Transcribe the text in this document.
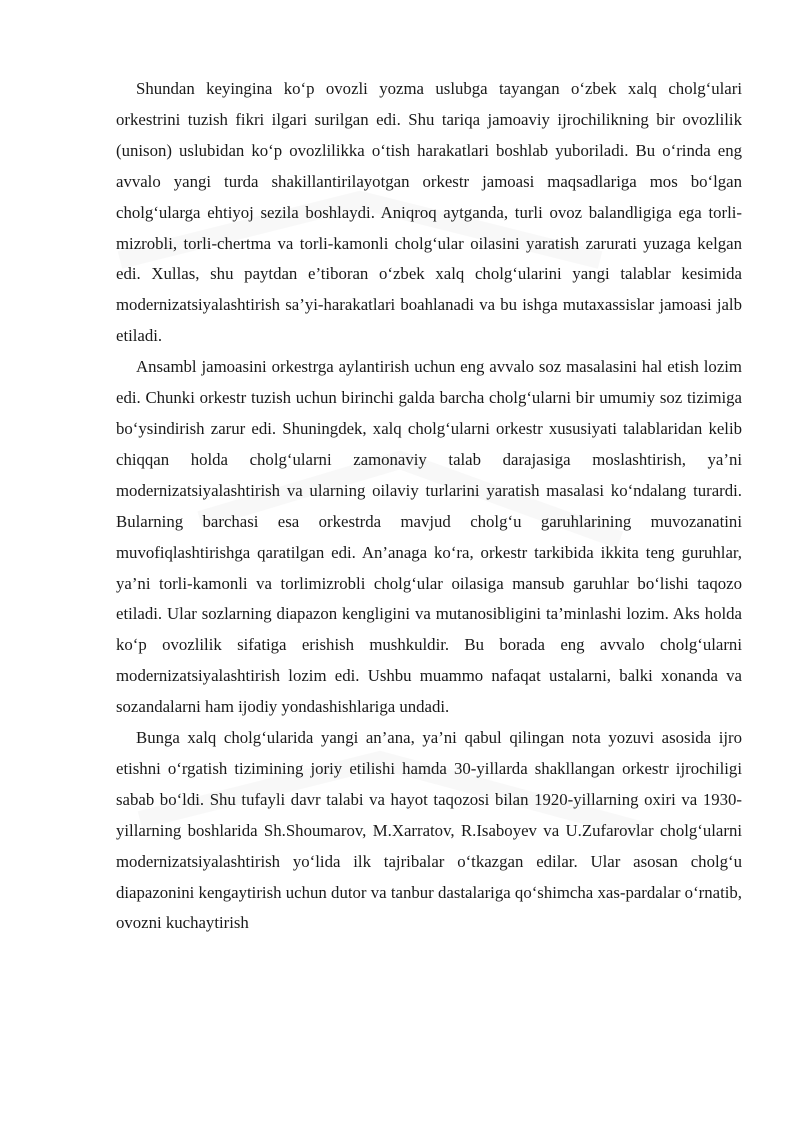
Shundan keyingina ko‘p ovozli yozma uslubga tayangan o‘zbek xalq cholg‘ulari orkestrini tuzish fikri ilgari surilgan edi. Shu tariqa jamoaviy ijrochilikning bir ovozlilik (unison) uslubidan ko‘p ovozlilikka o‘tish harakatlari boshlab yuboriladi. Bu o‘rinda eng avvalo yangi turda shakillantirilayotgan orkestr jamoasi maqsadlariga mos bo‘lgan cholg‘ularga ehtiyoj sezila boshlaydi. Aniqroq aytganda, turli ovoz balandligiga ega torli-mizrobli, torli-chertma va torli-kamonli cholg‘ular oilasini yaratish zarurati yuzaga kelgan edi. Xullas, shu paytdan e’tiboran o‘zbek xalq cholg‘ularini yangi talablar kesimida modernizatsiyalashtirish sa’yi-harakatlari boahlanadi va bu ishga mutaxassislar jamoasi jalb etiladi.

Ansambl jamoasini orkestrga aylantirish uchun eng avvalo soz masalasini hal etish lozim edi. Chunki orkestr tuzish uchun birinchi galda barcha cholg‘ularni bir umumiy soz tizimiga bo‘ysindirish zarur edi. Shuningdek, xalq cholg‘ularni orkestr xususiyati talablaridan kelib chiqqan holda cholg‘ularni zamonaviy talab darajasiga moslashtirish, ya’ni modernizatsiyalashtirish va ularning oilaviy turlarini yaratish masalasi ko‘ndalang turardi. Bularning barchasi esa orkestrda mavjud cholg‘u garuhlarining muvozanatini muvofiqlashtirishga qaratilgan edi. An’anaga ko‘ra, orkestr tarkibida ikkita teng guruhlar, ya’ni torli-kamonli va torlimizrobli cholg‘ular oilasiga mansub garuhlar bo‘lishi taqozo etiladi. Ular sozlarning diapazon kengligini va mutanosibligini ta’minlashi lozim. Aks holda ko‘p ovozlilik sifatiga erishish mushkuldir. Bu borada eng avvalo cholg‘ularni modernizatsiyalashtirish lozim edi. Ushbu muammo nafaqat ustalarni, balki xonanda va sozandalarni ham ijodiy yondashishlariga undadi.

Bunga xalq cholg‘ularida yangi an’ana, ya’ni qabul qilingan nota yozuvi asosida ijro etishni o‘rgatish tizimining joriy etilishi hamda 30-yillarda shakllangan orkestr ijrochiligi sabab bo‘ldi. Shu tufayli davr talabi va hayot taqozosi bilan 1920-yillarning oxiri va 1930-yillarning boshlarida Sh.Shoumarov, M.Xarratov, R.Isaboyev va U.Zufarovlar cholg‘ularni modernizatsiyalashtirish yo‘lida ilk tajribalar o‘tkazgan edilar. Ular asosan cholg‘u diapazonini kengaytirish uchun dutor va tanbur dastalariga qo‘shimcha xas-pardalar o‘rnatib, ovozni kuchaytirish
